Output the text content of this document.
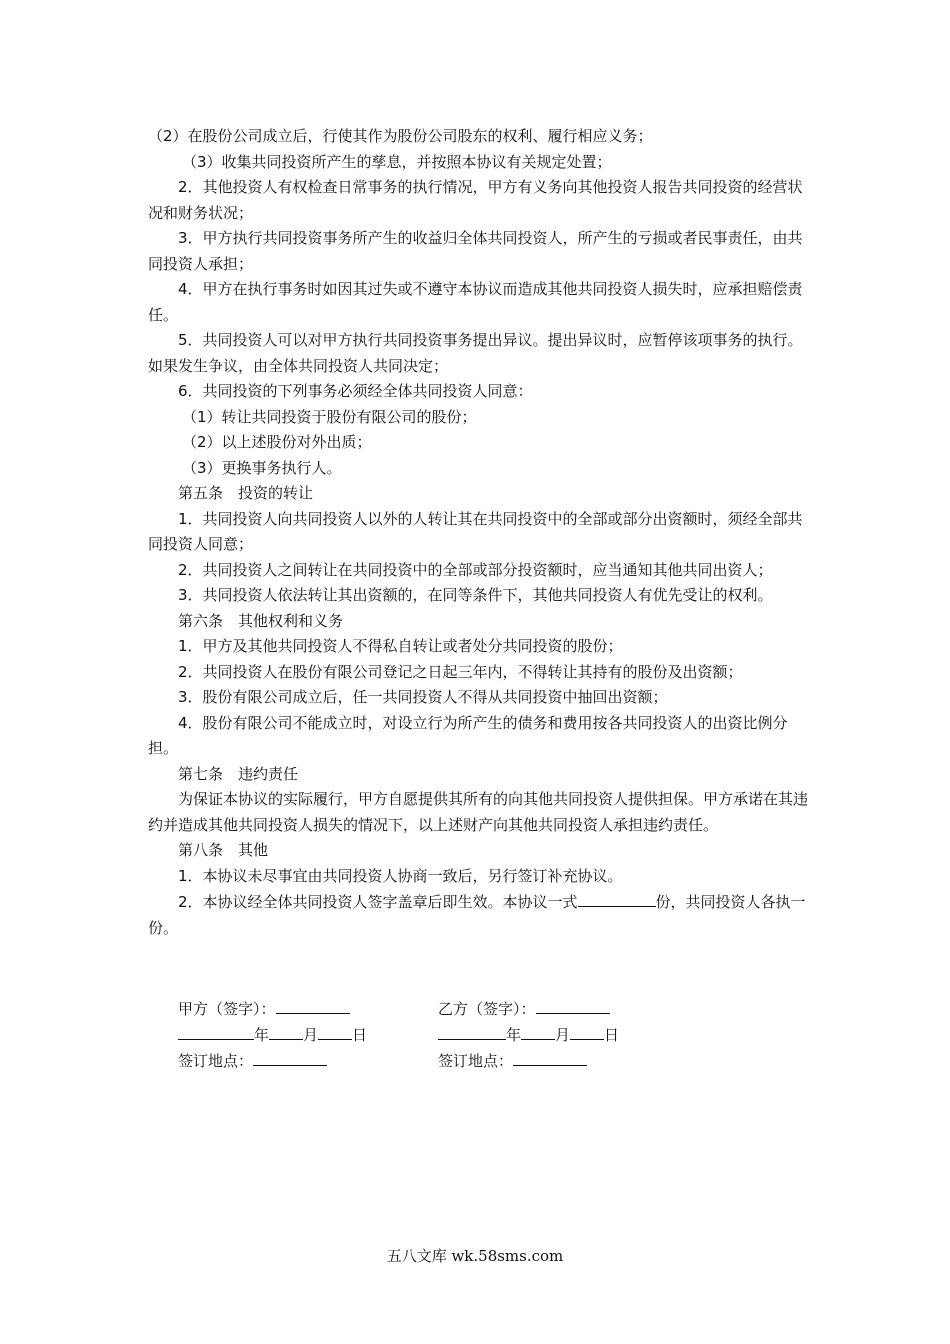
（2）在股份公司成立后，行使其作为股份公司股东的权利、履行相应义务；

（3）收集共同投资所产生的孳息，并按照本协议有关规定处置；

2．其他投资人有权检查日常事务的执行情况，甲方有义务向其他投资人报告共同投资的经营状况和财务状况；

3．甲方执行共同投资事务所产生的收益归全体共同投资人，所产生的亏损或者民事责任，由共同投资人承担；

4．甲方在执行事务时如因其过失或不遵守本协议而造成其他共同投资人损失时，应承担赔偿责任。

5．共同投资人可以对甲方执行共同投资事务提出异议。提出异议时，应暂停该项事务的执行。如果发生争议，由全体共同投资人共同决定；

6．共同投资的下列事务必须经全体共同投资人同意：

（1）转让共同投资于股份有限公司的股份；

（2）以上述股份对外出质；

（3）更换事务执行人。

第五条　投资的转让

1．共同投资人向共同投资人以外的人转让其在共同投资中的全部或部分出资额时，须经全部共同投资人同意；

2．共同投资人之间转让在共同投资中的全部或部分投资额时，应当通知其他共同出资人；

3．共同投资人依法转让其出资额的，在同等条件下，其他共同投资人有优先受让的权利。

第六条　其他权利和义务

1．甲方及其他共同投资人不得私自转让或者处分共同投资的股份；

2．共同投资人在股份有限公司登记之日起三年内，不得转让其持有的股份及出资额；

3．股份有限公司成立后，任一共同投资人不得从共同投资中抽回出资额；

4．股份有限公司不能成立时，对设立行为所产生的债务和费用按各共同投资人的出资比例分担。

第七条　违约责任

为保证本协议的实际履行，甲方自愿提供其所有的向其他共同投资人提供担保。甲方承诺在其违约并造成其他共同投资人损失的情况下，以上述财产向其他共同投资人承担违约责任。

第八条　其他

1．本协议未尽事宜由共同投资人协商一致后，另行签订补充协议。

2．本协议经全体共同投资人签字盖章后即生效。本协议一式	份，共同投资人各执一份。

甲方（签字）：	乙方（签字）：
年 月 日	年 月 日
签订地点：	签订地点：
五八文库 wk.58sms.com
